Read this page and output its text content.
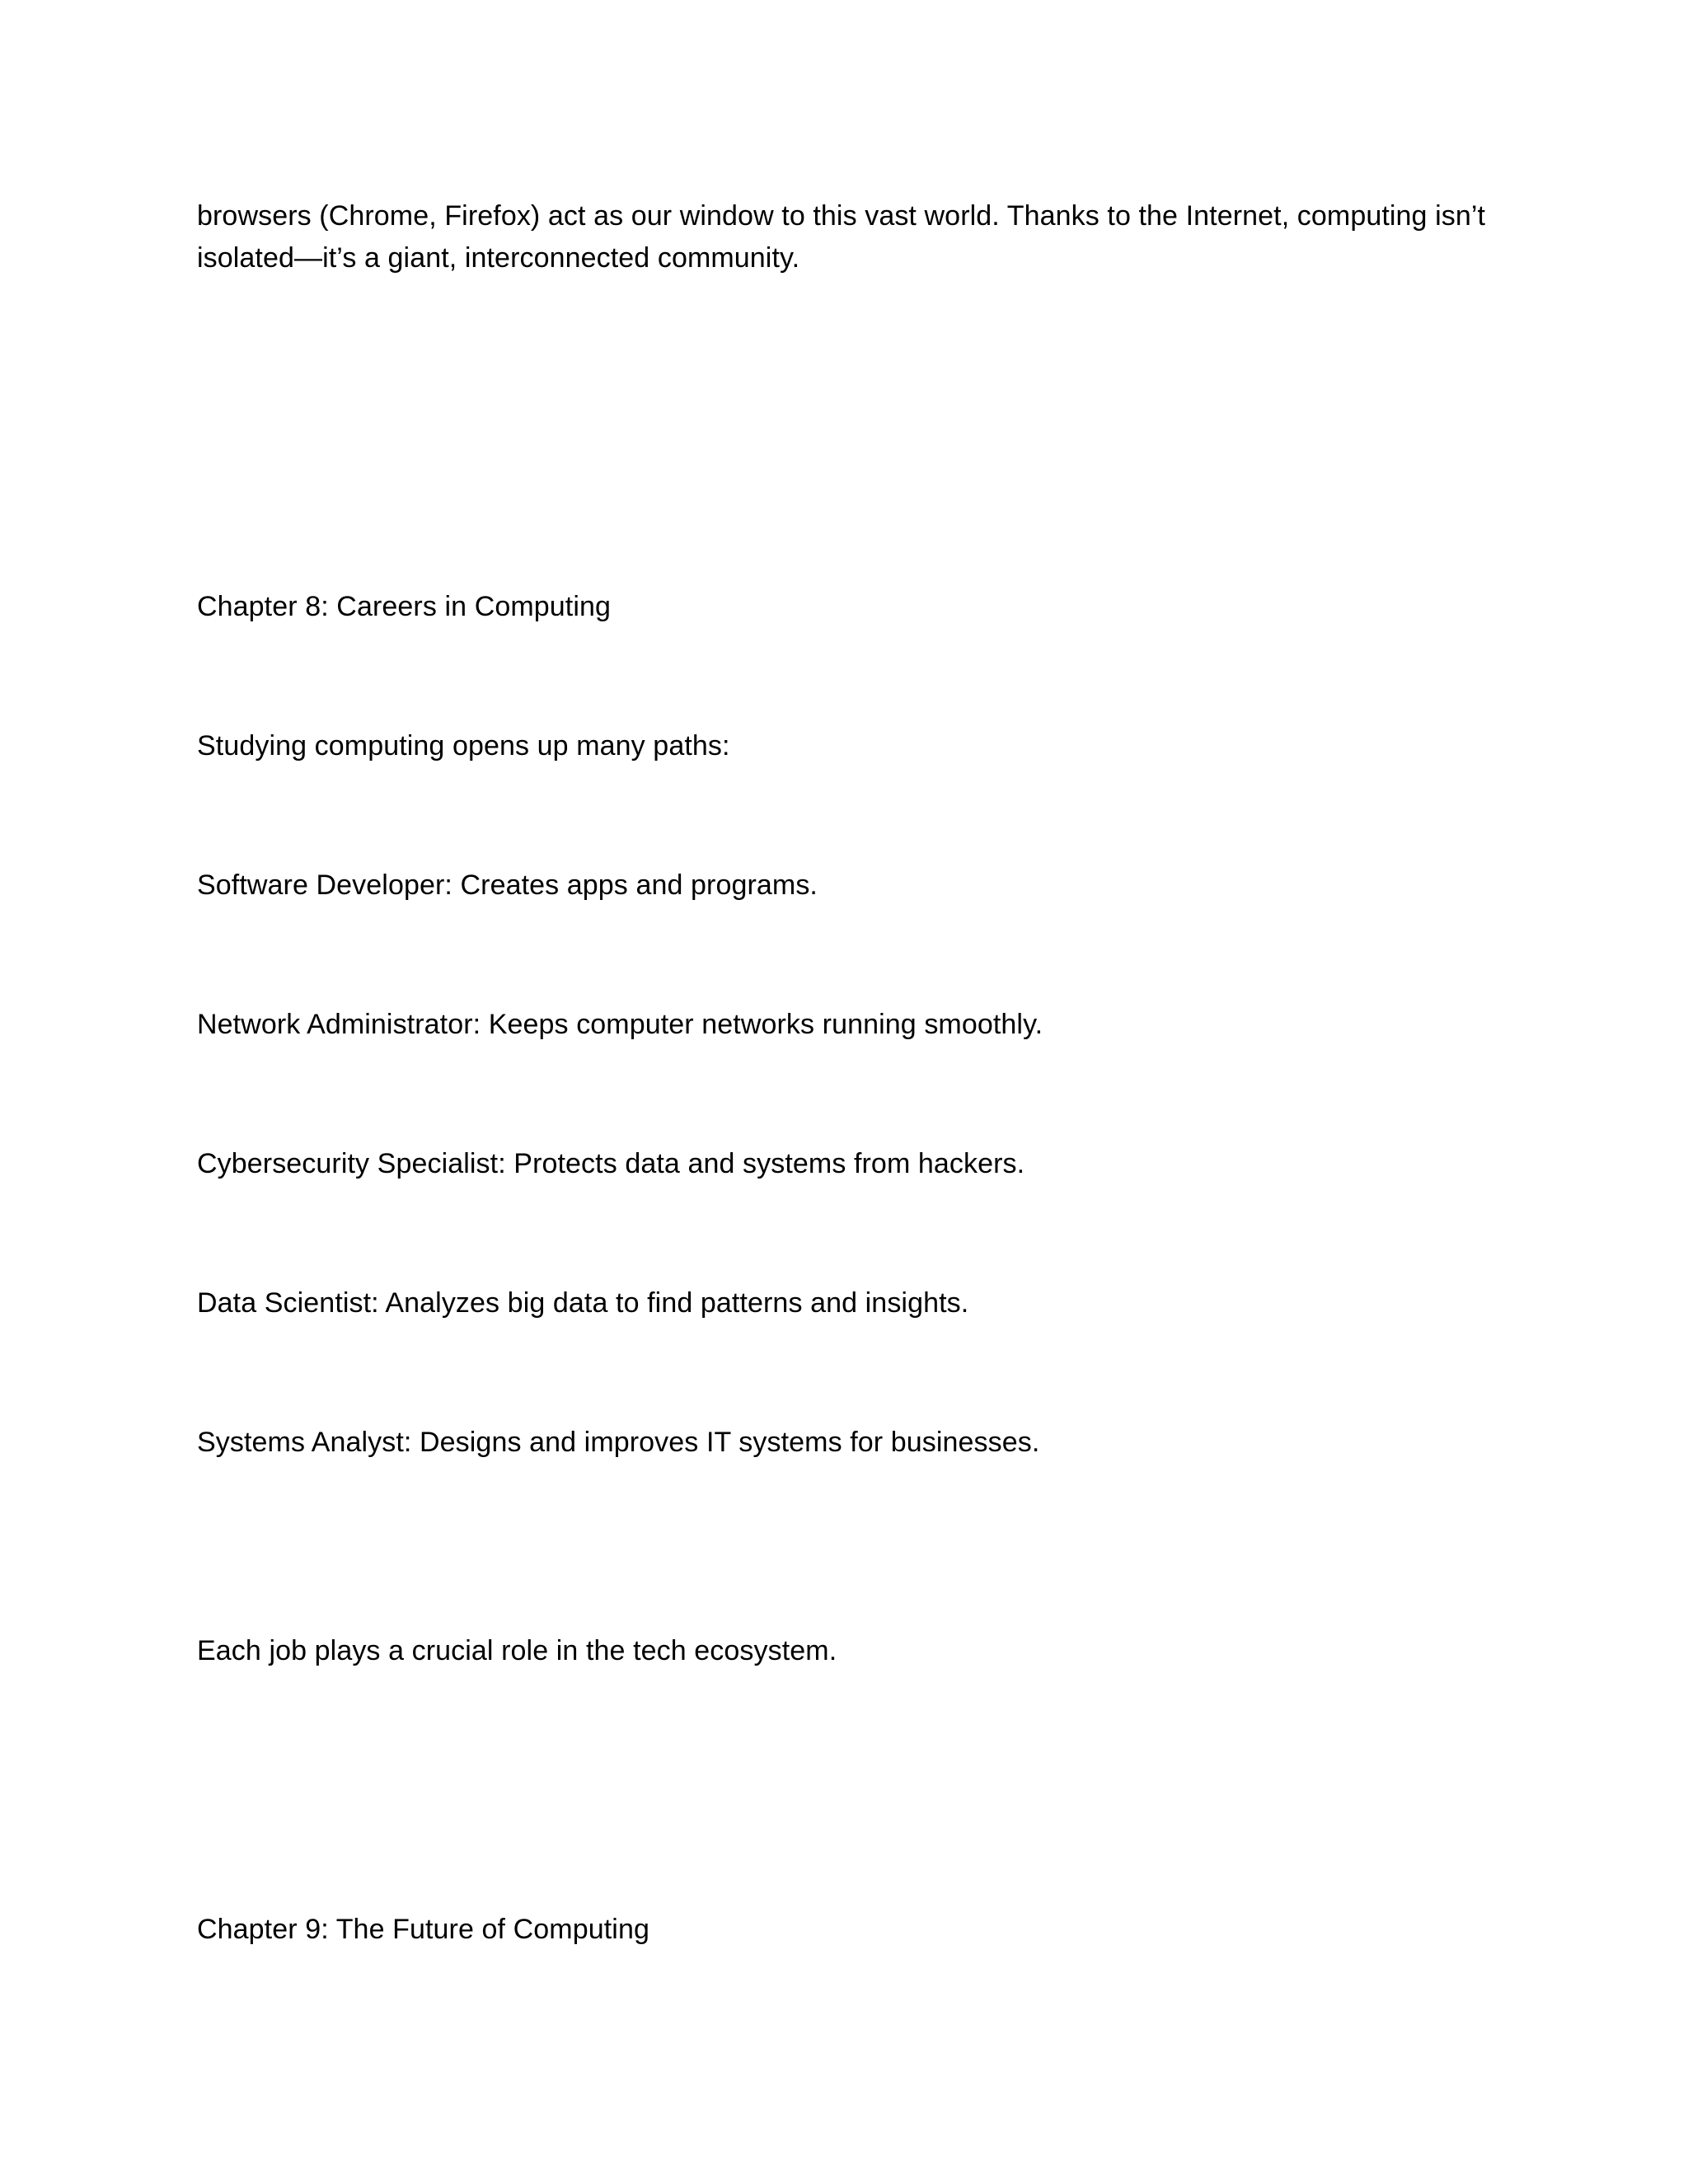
browsers (Chrome, Firefox) act as our window to this vast world. Thanks to the Internet, computing isn’t
isolated—it’s a giant, interconnected community.
Chapter 8: Careers in Computing
Studying computing opens up many paths:
Software Developer: Creates apps and programs.
Network Administrator: Keeps computer networks running smoothly.
Cybersecurity Specialist: Protects data and systems from hackers.
Data Scientist: Analyzes big data to find patterns and insights.
Systems Analyst: Designs and improves IT systems for businesses.
Each job plays a crucial role in the tech ecosystem.
Chapter 9: The Future of Computing
